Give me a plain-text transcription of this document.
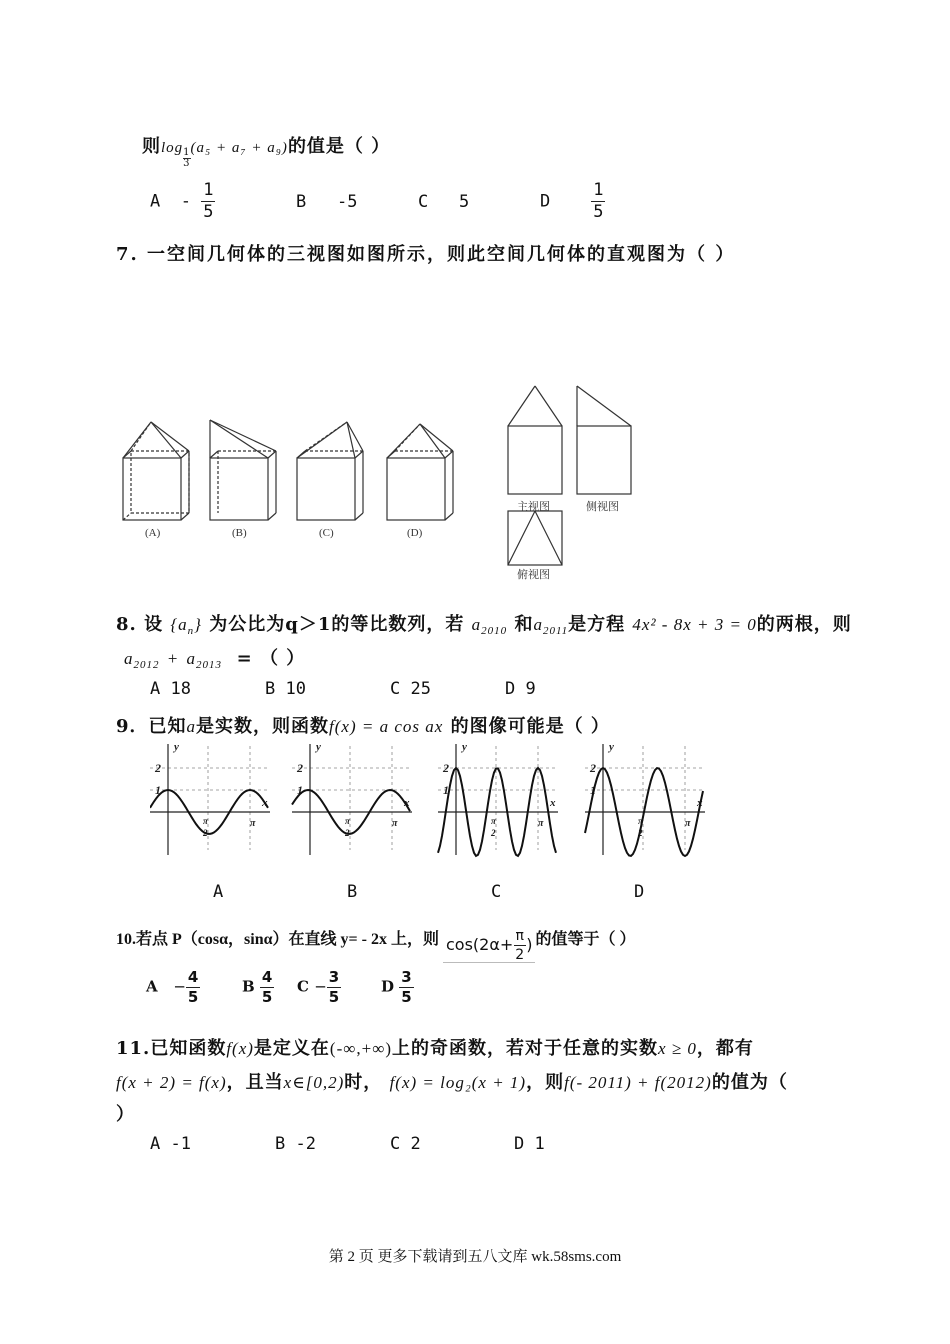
则$\log \frac{1}{3} (a_5 + a_7 + a_9)$的值是（ ）
A - $\frac{1}{5}$	B -5	C 5	D $\frac{1}{5}$
7. 一空间几何体的三视图如图所示，则此空间几何体的直观图为（ ）
(A)	(B)	(C)	(D)
主视图	侧视图
俯视图
8. 设 $\{a_n\}$ 为公比为q＞1的等比数列，若 $a_{2010}$ 和$a_{2011}$是方程 4x² - 8x + 3 = 0的两根，则
$a_{2012} + a_{2013}$ = （ ）
A 18	B 10	C 25	D 9
9．已知a是实数，则函数f(x) = a cos ax 的图像可能是（ ）
y
x
2
1
π
π
2
y
x
2
1
π
π
2
y
x
2
1
π
π
2
y
x
2
1
π
π
2
A	B	C	D
10.若点 P（cosα，sinα）在直线 y= ‐ 2x 上，则 $\cos(2\alpha+ \frac{\pi}{2}$ ) 的值等于（ ）
$A - \frac{4}{5}$	B $\frac{4}{5}$ $C - \frac{3}{5}$	D $\frac{3}{5}$
11.已知函数f(x)是定义在(-∞,+∞)上的奇函数，若对于任意的实数x ≥ 0，都有
f(x + 2) = f(x)，且当x∈[0,2)时， f(x) = log₂(x + 1)，则f(- 2011) + f(2012)的值为（
）
A -1	B -2	C 2	D 1
第 2 页 更多下载请到五八文库 wk.58sms.com
